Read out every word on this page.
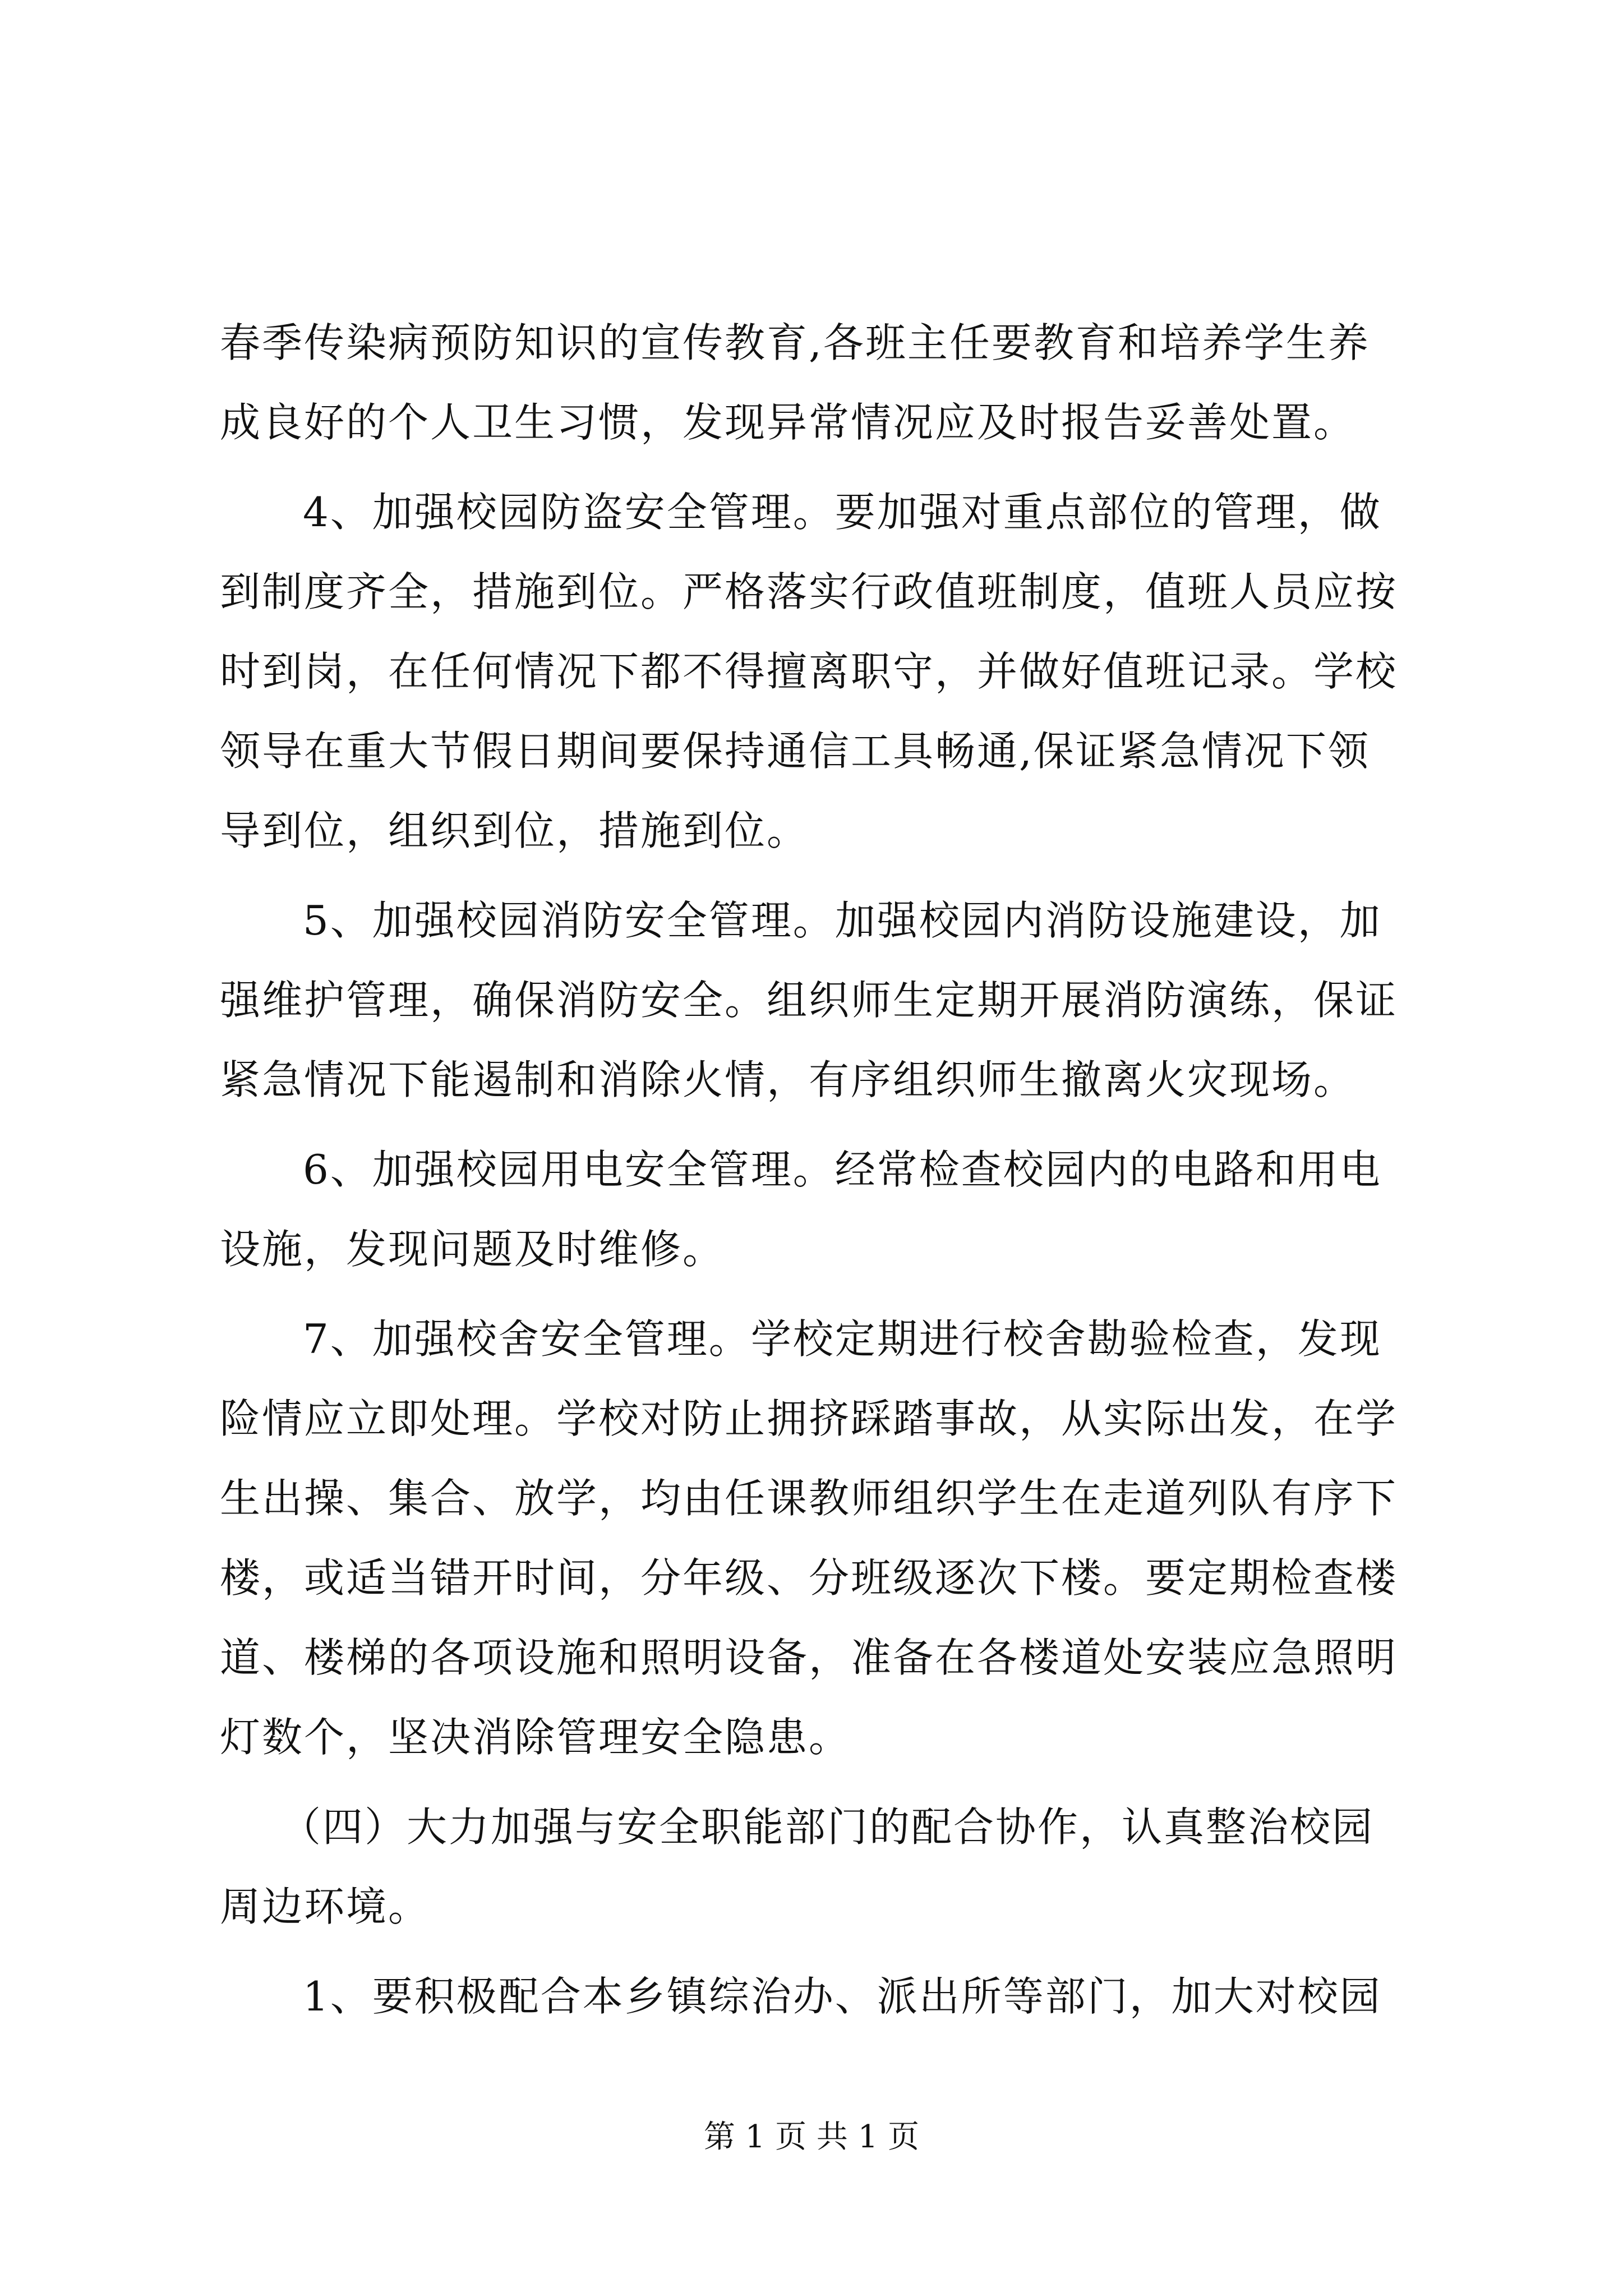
春季传染病预防知识的宣传教育,各班主任要教育和培养学生养
成良好的个人卫生习惯，发现异常情况应及时报告妥善处置。
4、加强校园防盗安全管理。要加强对重点部位的管理，做
到制度齐全，措施到位。严格落实行政值班制度，值班人员应按
时到岗，在任何情况下都不得擅离职守，并做好值班记录。学校
领导在重大节假日期间要保持通信工具畅通,保证紧急情况下领
导到位，组织到位，措施到位。
5、加强校园消防安全管理。加强校园内消防设施建设，加
强维护管理，确保消防安全。组织师生定期开展消防演练，保证
紧急情况下能遏制和消除火情，有序组织师生撤离火灾现场。
6、加强校园用电安全管理。经常检查校园内的电路和用电
设施，发现问题及时维修。
7、加强校舍安全管理。学校定期进行校舍勘验检查，发现
险情应立即处理。学校对防止拥挤踩踏事故，从实际出发，在学
生出操、集合、放学，均由任课教师组织学生在走道列队有序下
楼，或适当错开时间，分年级、分班级逐次下楼。要定期检查楼
道、楼梯的各项设施和照明设备，准备在各楼道处安装应急照明
灯数个，坚决消除管理安全隐患。
（四）大力加强与安全职能部门的配合协作，认真整治校园
周边环境。
1、要积极配合本乡镇综治办、派出所等部门，加大对校园
第 1 页 共 1 页
